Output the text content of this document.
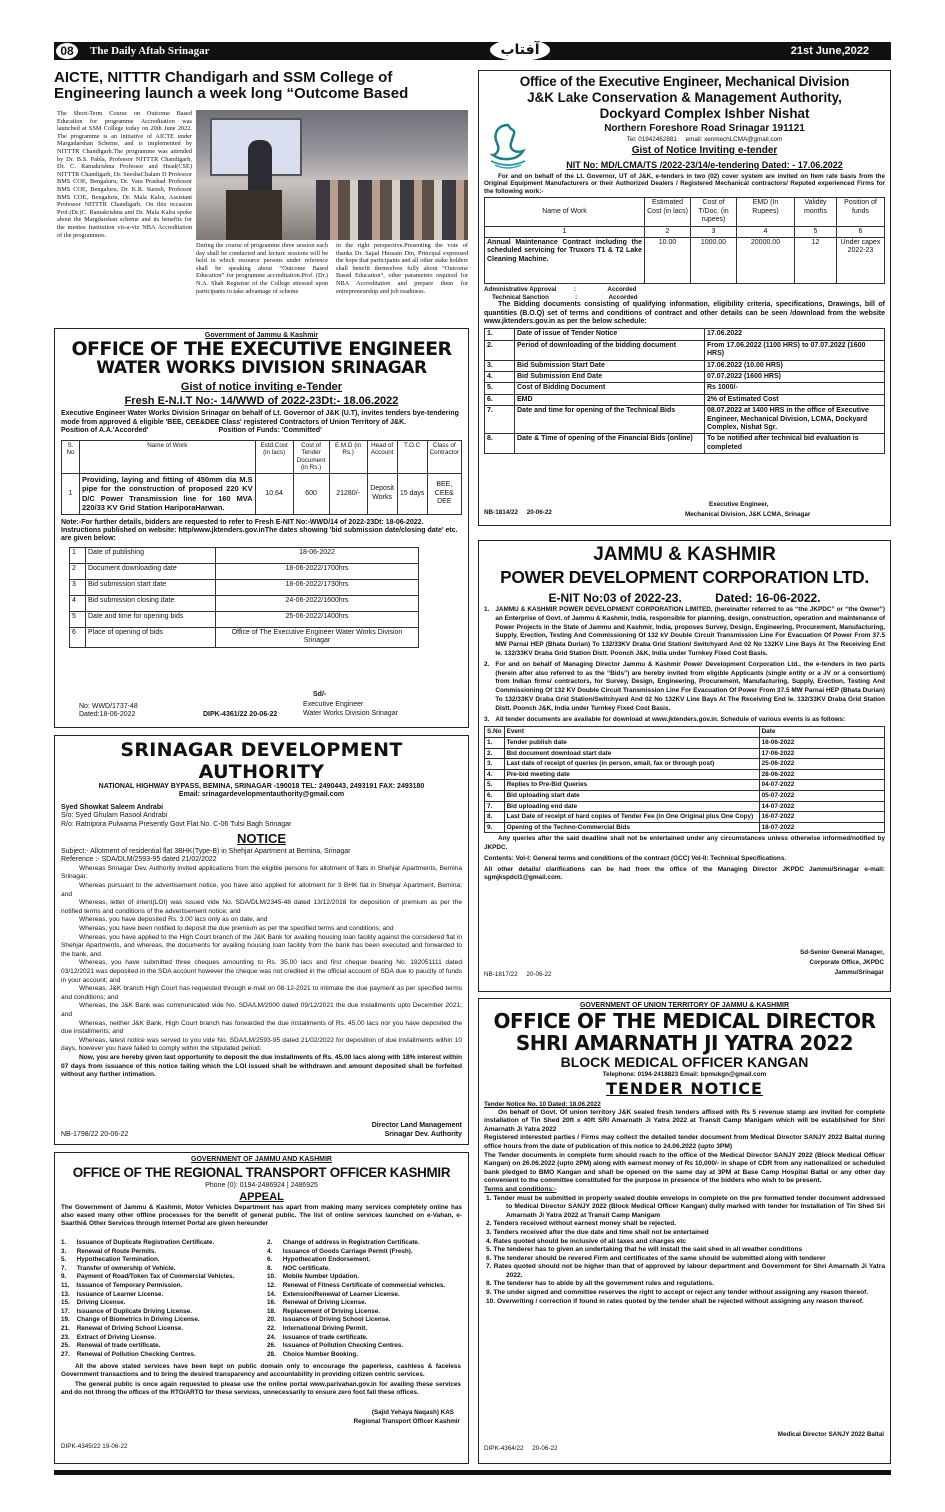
08	The Daily Aftab Srinagar	آفتاب	21st June,2022
AICTE, NITTTR Chandigarh and SSM College of Engineering launch a week long “Outcome Based
The Short-Term Course on Outcome Based Education for programme Accreditation was launched at SSM College today on 20th June 2022. The programme is an initiative of AICTE under Margadarshan Scheme, and is implemented by NITTTR Chandigarh.The programme was attended by Dr. B.S. Pabla, Professor NITTTR Chandigarh, Dr. C. Ramakrishna Professor and Head(CSE) NITTTR Chandigarh, Dr. SeeshaChalam D Professor BMS COE, Bengaluru, Dr. Vara Prashad Professor BMS COE, Bengaluru, Dr. K.R. Suresh, Professor BMS COE, Bengaluru, Dr. Mala Kalra, Assistant Professor NITTTR Chandigarh. On this occasion Prof.(Dr.)C. Ramakrishna and Dr. Mala Kalra spoke about the Margdarshan scheme and its benefits for the mentee Institution vis-a-viz NBA Accreditation of the programmes.
During the course of programme three session each day shall be conducted and lecture sessions will be held in which resource persons under reference shall be speaking about “Outcome Based Education” for programme accreditation.Prof. (Dr.) N.A. Shah Registrar of the College stressed upon participants to take advantage of scheme
in the right perspective.Presenting the vote of thanks Dr. Sajad Hussain Din, Principal expressed the hope that participants and all other stake holders shall benefit themselves fully about “Outcome Based Education”, other parameters required for NBA Accreditation and prepare them for entrepreneurship and job readiness.
Government of Jammu & Kashmir
OFFICE OF THE EXECUTIVE ENGINEER
WATER WORKS DIVISION SRINAGAR
Gist of notice inviting e-Tender
Fresh E-N.I.T No:- 14/WWD of 2022-23Dt:- 18.06.2022
Executive Engineer Water Works Division Srinagar on behalf of Lt. Governor of J&K (U.T), invites tenders bye-tendering mode from approved & eligible 'BEE, CEE&DEE Class' registered Contractors of Union Territory of J&K.
Position of A.A.'Accorded'                                    Position of Funds: 'Committed'
S. No	Name of Work	Estd.Cost (in lacs)	Cost of Tender Document (in Rs.)	E.M.D (in Rs.)	Head of Account	T.O.C	Class of Contractor
1	Providing, laying and fitting of 450mm dia M.S pipe for the construction of proposed 220 KV D/C Power Transmission line for 160 MVA 220/33 KV Grid Station HariporaHarwan.	10.64	600	21280/-	Deposit Works	15 days	BEE, CEE& DEE
Note:-For further details, bidders are requested to refer to Fresh E-NIT No:-WWD/14 of 2022-23Dt: 18-06-2022. Instructions published on website: http/www.jktenders.gov.inThe dates showing 'bid submission date/closing date' etc. are given below:
1	Date of publishing	18-06-2022
2	Document downloading date	18-06-2022/1700hrs
3	Bid submission start date	18-06-2022/1730hrs
4	Bid submission closing date	24-06-2022/1600hrs
5	Date and time for opening bids	25-06-2022/1400hrs
6	Place of opening of bids	Office of The Executive Engineer Water Works Division Srinagar
Sd/-
No: WWD/1737-48
Dated:18-06-2022	DIPK-4361/22 20-06-22
Executive Engineer
Water Works Division Srinagar
SRINAGAR DEVELOPMENT AUTHORITY
NATIONAL HIGHWAY BYPASS, BEMINA, SRINAGAR -190018 TEL: 2490443, 2493191 FAX: 2493180
Email: srinagardevelopmentauthority@gmail.com
Syed Showkat Saleem Andrabi
S/o: Syed Ghulam Rasool Andrabi
R/o: Ratnipora Pulwama Presently Govt Flat No. C-06 Tulsi Bagh Srinagar
NOTICE
Subject:- Allotment of residential flat 3BHK(Type-B) in Shehjar Apartment at Bemina, Srinagar
Reference :- SDA/DLM/2593-95 dated 21/02/2022
Whereas Srinagar Dev. Authority invited applications from the eligible persons for allotment of flats in Shehjar Apartments, Bemina Srinagar.
Whereas pursuant to the advertisement notice, you have also applied for allotment for 3 BHK flat in Shehjar Apartment, Bemina; and
Whereas, letter of intent(LOI) was issued vide No. SDA/DLM/2345-48 dated 13/12/2018 for deposition of premium as per the notified terms and conditions of the advertisement notice; and
Whereas, you have deposited Rs. 3.00 lacs only as on date, and
Whereas, you have been notified to deposit the due premium as per the specified terms and conditions; and
Whereas, you have applied to the High Court branch of the J&K Bank for availing housing loan facility against the considered flat in Shehjar Apartments, and whereas, the documents for availing housing loan facility from the bank has been executed and forwarded to the bank, and
Whereas, you have submitted three cheques amounting to Rs. 35.00 lacs and first cheque bearing No. 192051111 dated 03/12/2021 was deposited in the SDA account however the cheque was not credited in the official account of SDA due to paucity of funds in your account; and
Whereas, J&K branch High Court has requested through e-mail on 08-12-2021 to intimate the due payment as per specified terms and conditions; and
Whereas, the J&K Bank was communicated vide No. SDA/LM/2000 dated 09/12/2021 the due installments upto December 2021; and
Whereas, neither J&K Bank, High Court branch has forwarded the due installments of Rs. 45.00 lacs nor you have deposited the due installments; and
Whereas, latest notice was served to you vide No. SDA/LM/2593-95 dated 21/02/2022 for deposition of due installments within 10 days, however you have failed to comply within the stipulated period.
Now, you are hereby given last opportunity to deposit the due installments of Rs. 45.00 lacs along with 18% interest within 07 days from issuance of this notice failing which the LOI issued shall be withdrawn and amount deposited shall be forfeited without any further intimation.
Director Land Management
Srinagar Dev. Authority
NB-1798/22 20-06-22
GOVERNMENT OF JAMMU AND KASHMIR
OFFICE OF THE REGIONAL TRANSPORT OFFICER KASHMIR
Phone (0): 0194-2486924 | 2486925
APPEAL
The Government of Jammu & Kashmir, Motor Vehicles Department has apart from making many services completely online has also eased many other offline processes for the benefit of general public. The list of online services launched on e-Vahan, e-Saarthi& Other Services through Internet Portal are given hereunder
1.      Issuance of Duplicate Registration Certificate.
3.      Renewal of Route Permits.
5.      Hypothecation Termination.
7.      Transfer of ownership of Vehicle.
9.      Payment of Road/Token Tax of Commercial Vehicles.
11.    Issuance of Temporary Permission.
13.    Issuance of Learner License.
15.    Driving License.
17.    Issuance of Duplicate Driving License.
19.    Change of Biometrics In Driving License.
21.    Renewal of Driving School License.
23.    Extract of Driving License.
25.    Renewal of trade certificate.
27.    Renewal of Pollution Checking Centres.
2.      Change of address in Registration Certificate.
4.      Issuance of Goods Carriage Permit (Fresh).
6.      Hypothecation Endorsement.
8.      NOC certificate.
10.    Mobile Number Updation.
12.    Renewal of Fitness Certificate of commercial vehicles.
14.    Extension/Renewal of Learner License.
16.    Renewal of Driving License.
18.    Replacement of Driving License.
20.    Issuance of Driving School License.
22.    International Driving Permit.
24.    Issuance of trade certificate.
26.    Issuance of Pollution Checking Centres.
28.    Choice Number Booking.
All the above stated services have been kept on public domain only to encourage the paperless, cashless & faceless Government transactions and to bring the desired transparency and accountability in providing citizen centric services.
The general public is once again requested to please use the online portal www.parivahan.gov.in for availing these services and do not throng the offices of the RTO/ARTO for these services, unnecessarily to ensure zero foot fall these offices.
(Sajid Yehaya Naqash) KAS
Regional Transport Officer Kashmir
DIPK-4345/22 19-06-22
Office of the Executive Engineer, Mechanical Division
J&K Lake Conservation & Management Authority,
Dockyard Complex Ishber Nishat
Northern Foreshore Road Srinagar 191121
Tel: 01942462881     email: xenmechLCMA@gmail.com
Gist of Notice Inviting e-tender
NIT No: MD/LCMA/TS /2022-23/14/e-tendering Dated: - 17.06.2022
For and on behalf of the Lt. Governor, UT of J&K, e-tenders in two (02) cover system are invited on Item rate basis from the Original Equipment Manufacturers or their Authorized Dealers / Registered Mechanical contractors/ Reputed experienced Firms for the following work:-
Name of Work	Estimated Cost (in lacs)	Cost of T/Doc. (in rupees)	EMD (In Rupees)	Validity months	Position of funds
1	2	3	4	5	6
Annual Maintenance Contract including the scheduled servicing for Truxors T1 & T2 Lake Cleaning Machine.	10.00	1000.00	20000.00	12	Under capex 2022-23
Administrative Approval          :                  Accorded
Technical Sanction               :                  Accorded
The Bidding documents consisting of qualifying information, eligibility criteria, specifications, Drawings, bill of quantities (B.O.Q) set of terms and conditions of contract and other details can be seen /download from the website www.jktenders.gov.in as per the below schedule:
1.	Date of issue of Tender Notice	17.06.2022
2.	Period of downloading of the bidding document	From 17.06.2022 (1100 HRS) to 07.07.2022 (1600 HRS)
3.	Bid Submission Start Date	17.06.2022 (10.00 HRS)
4.	Bid Submission End Date	07.07.2022 (1600 HRS)
5.	Cost of Bidding Document	Rs 1000/-
6.	EMD	2% of Estimated Cost
7.	Date and time for opening of the Technical Bids	08.07.2022 at 1400 HRS in the office of Executive Engineer, Mechanical Division, LCMA, Dockyard Complex, Nishat Sgr.
8.	Date & Time of opening of the Financial Bids (online)	To be notified after technical bid evaluation is completed
NB-1814/22     20-06-22
Executive Engineer,
Mechanical Division, J&K LCMA, Srinagar
JAMMU & KASHMIR
POWER DEVELOPMENT CORPORATION LTD.
E-NIT No:03 of 2022-23.          Dated: 16-06-2022.
1. JAMMU & KASHMIR POWER DEVELOPMENT CORPORATION LIMITED, (hereinafter referred to as “the JKPDC” or “the Owner”) an Enterprise of Govt. of Jammu & Kashmir, India, responsible for planning, design, construction, operation and maintenance of Power Projects in the State of Jammu and Kashmir, India, proposes Survey, Design, Engineering, Procurement, Manufacturing, Supply, Erection, Testing And Commissioning Of 132 kV Double Circuit Transmission Line For Evacuation Of Power From 37.5 MW Parnai HEP (Bhata Durian) To 132/33KV Draba Grid Station/ Switchyard And 02 No 132KV Line Bays At The Receiving End Ie. 132/33KV Draba Grid Station Distt. Poonch J&K, India under Turnkey Fixed Cost Basis.
2. For and on behalf of Managing Director Jammu & Kashmir Power Development Corporation Ltd., the e-tenders in two parts (herein after also referred to as the “Bids”) are hereby invited from eligible Applicants (single entity or a JV or a consortium) from Indian firms/ contractors, for Survey, Design, Engineering, Procurement, Manufacturing, Supply, Erection, Testing And Commissioning Of 132 KV Double Circuit Transmission Line For Evacuation Of Power From 37.5 MW Parnai HEP (Bhata Durian) To 132/33KV Draba Grid Station/Switchyard And 02 No 132KV Line Bays At The Receiving End Ie. 132/33KV Draba Grid Station Distt. Poonch J&K, India under Turnkey Fixed Cost Basis.
3. All tender documents are available for download at www.jktenders.gov.in. Schedule of various events is as follows:
S.No	Event	Date
1.	Tender publish date	16-06-2022
2.	Bid document download start date	17-06-2022
3.	Last date of receipt of queries (in person, email, fax or through post)	25-06-2022
4.	Pre-bid meeting date	28-06-2022
5.	Replies to Pre-Bid Queries	04-07-2022
6.	Bid uploading start date	05-07-2022
7.	Bid uploading end date	14-07-2022
8.	Last Date of receipt of hard copies of Tender Fee (in One Original plus One Copy)	16-07-2022
9.	Opening of the Techno-Commercial Bids	18-07-2022
Any queries after the said deadline shall not be entertained under any circumstances unless otherwise informed/notified by JKPDC.
Contents: Vol-I: General terms and conditions of the contract (GCC) Vol-II: Technical Specifications.
All other details/ clarifications can be had from the office of the Managing Director JKPDC Jammu/Srinagar e-mail: sgmjkspdcl1@gmail.com.
Sd-Senior General Manager,
Corporate Office, JKPDC
Jammu/Srinagar
NB-1817/22     20-06-22
GOVERNMENT OF UNION TERRITORY OF JAMMU & KASHMIR
OFFICE OF THE MEDICAL DIRECTOR
SHRI AMARNATH JI YATRA 2022
BLOCK MEDICAL OFFICER KANGAN
Telephone: 0194-2418823 Email: bpmukgn@gmail.com
TENDER NOTICE
Tender Notice No. 10 Dated: 18.06.2022
On behalf of Govt. Of union territory J&K sealed fresh tenders affixed with Rs 5 revenue stamp are invited for complete installation of Tin Shed 20ft x 40ft SRI Amarnath Ji Yatra 2022 at Transit Camp Manigam which will be established for Shri Amarnath Ji Yatra 2022
Registered interested parties / Firms may collect the detailed tender document from Medical Director SANJY 2022 Baltal during office hours from the date of publication of this notice to 24.06.2022 (upto 3PM)
The Tender documents in complete form should reach to the office of the Medical Director SANJY 2022 (Block Medical Officer Kangan) on 26.06.2022 (upto 2PM) along with earnest money of Rs 10,000/- in shape of CDR from any nationalized or scheduled bank pledged to BMO Kangan and shall be opened on the same day at 3PM at Base Camp Hospital Baltal or any other day convenient to the committee constituted for the purpose in presence of the bidders who wish to be present.
Terms and conditions:-
1. Tender must be submitted in properly sealed double envelops in complete on the pre formatted tender document addressed to Medical Director SANJY 2022 (Block Medical Officer Kangan) dully marked with tender for Installation of Tin Shed Sri Amarnath Ji Yatra 2022 at Transit Camp Manigam
2. Tenders received without earnest money shall be rejected.
3. Tenders received after the due date and time shall not be entertained
4. Rates quoted should be inclusive of all taxes and charges etc
5. The tenderer has to given an undertaking that he will install the said shed in all weather conditions
6. The tenderer should be revered Firm and certificates of the same should be submitted along with tenderer
7. Rates quoted should not be higher than that of approved by labour department and Government for Shri Amarnath Ji Yatra 2022.
8. The tenderer has to abide by all the government rules and regulations.
9. The under signed and committee reserves the right to accept or reject any tender without assigning any reason thereof.
10. Overwriting / correction if found in rates quoted by the tender shall be rejected without assigning any reason thereof.
Medical Director SANJY 2022 Baltal
DIPK-4364/22     20-06-22
